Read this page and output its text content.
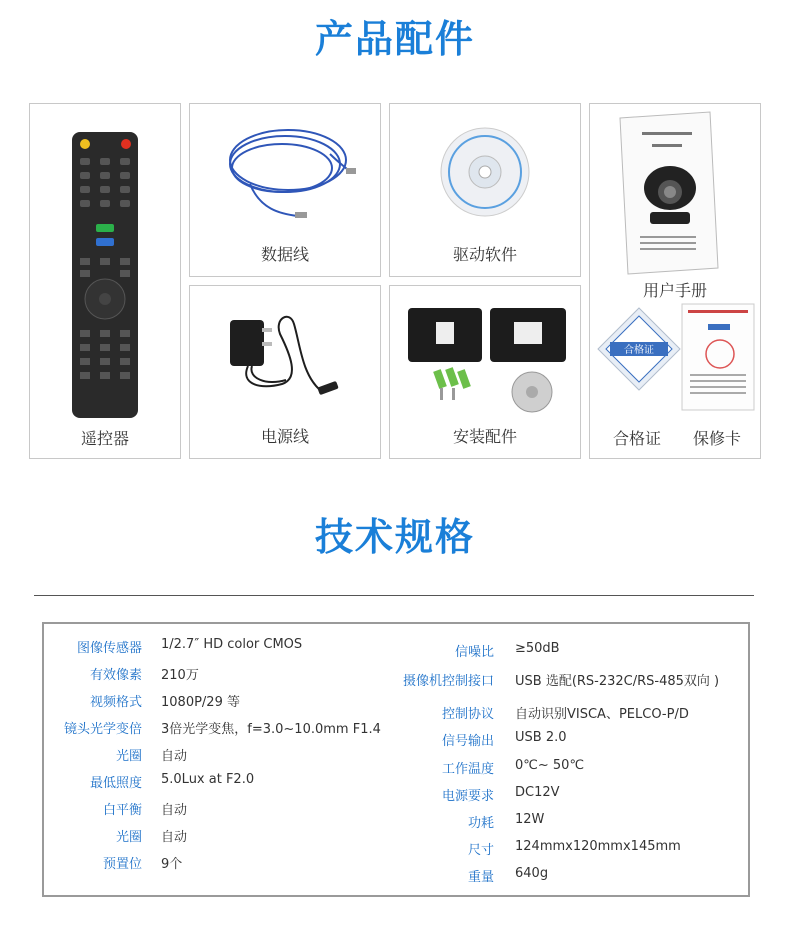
产品配件
遥控器
数据线	驱动软件
用户手册
合格证
合格证	保修卡
电源线	安装配件
技术规格
图像传感器 1/2.7″ HD color CMOS
有效像素 210万
视频格式 1080P/29 等
镜头光学变倍 3倍光学变焦，f=3.0~10.0mm F1.4
光圈 自动
最低照度 5.0Lux at F2.0
白平衡 自动
光圈 自动
预置位 9个
信噪比 ≥50dB
摄像机控制接口 USB 选配(RS-232C/RS-485双向 )
控制协议 自动识别VISCA、PELCO-P/D
信号输出 USB 2.0
工作温度 0℃~ 50℃
电源要求 DC12V
功耗 12W
尺寸 124mmx120mmx145mm
重量 640g
